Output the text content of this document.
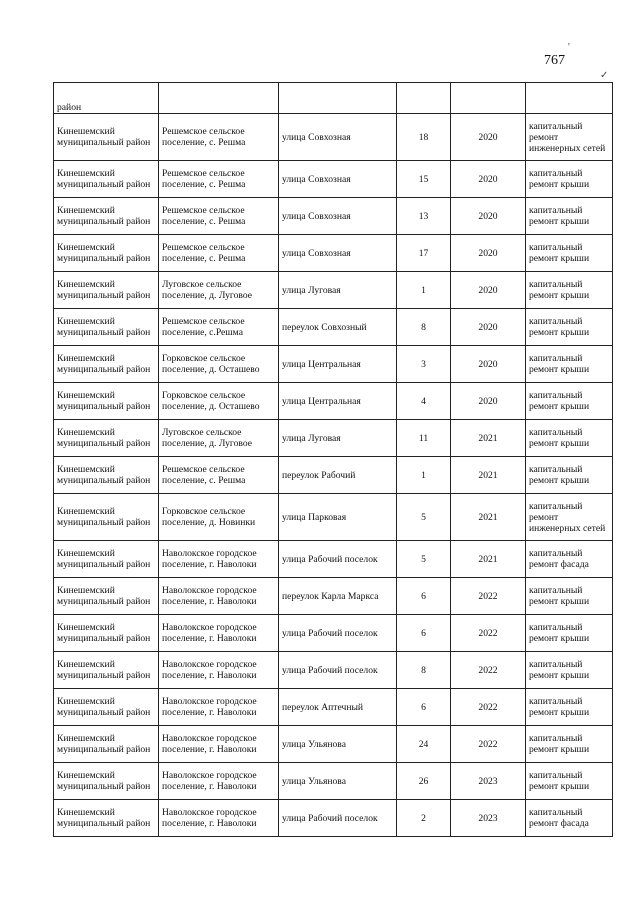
767
'
✓
район					
Кинешемский муниципальный район	Решемское сельское поселение, с. Решма	улица Совхозная	18	2020	капитальный ремонт инженерных сетей
Кинешемский муниципальный район	Решемское сельское поселение, с. Решма	улица Совхозная	15	2020	капитальный ремонт крыши
Кинешемский муниципальный район	Решемское сельское поселение, с. Решма	улица Совхозная	13	2020	капитальный ремонт крыши
Кинешемский муниципальный район	Решемское сельское поселение, с. Решма	улица Совхозная	17	2020	капитальный ремонт крыши
Кинешемский муниципальный район	Луговское сельское поселение, д. Луговое	улица Луговая	1	2020	капитальный ремонт крыши
Кинешемский муниципальный район	Решемское сельское поселение, с.Решма	переулок Совхозный	8	2020	капитальный ремонт крыши
Кинешемский муниципальный район	Горковское сельское поселение, д. Осташево	улица Центральная	3	2020	капитальный ремонт крыши
Кинешемский муниципальный район	Горковское сельское поселение, д. Осташево	улица Центральная	4	2020	капитальный ремонт крыши
Кинешемский муниципальный район	Луговское сельское поселение, д. Луговое	улица Луговая	11	2021	капитальный ремонт крыши
Кинешемский муниципальный район	Решемское сельское поселение, с. Решма	переулок Рабочий	1	2021	капитальный ремонт крыши
Кинешемский муниципальный район	Горковское сельское поселение, д. Новинки	улица Парковая	5	2021	капитальный ремонт инженерных сетей
Кинешемский муниципальный район	Наволокское городское поселение, г. Наволоки	улица Рабочий поселок	5	2021	капитальный ремонт фасада
Кинешемский муниципальный район	Наволокское городское поселение, г. Наволоки	переулок Карла Маркса	6	2022	капитальный ремонт крыши
Кинешемский муниципальный район	Наволокское городское поселение, г. Наволоки	улица Рабочий поселок	6	2022	капитальный ремонт крыши
Кинешемский муниципальный район	Наволокское городское поселение, г. Наволоки	улица Рабочий поселок	8	2022	капитальный ремонт крыши
Кинешемский муниципальный район	Наволокское городское поселение, г. Наволоки	переулок Аптечный	6	2022	капитальный ремонт крыши
Кинешемский муниципальный район	Наволокское городское поселение, г. Наволоки	улица Ульянова	24	2022	капитальный ремонт крыши
Кинешемский муниципальный район	Наволокское городское поселение, г. Наволоки	улица Ульянова	26	2023	капитальный ремонт крыши
Кинешемский муниципальный район	Наволокское городское поселение, г. Наволоки	улица Рабочий поселок	2	2023	капитальный ремонт фасада
